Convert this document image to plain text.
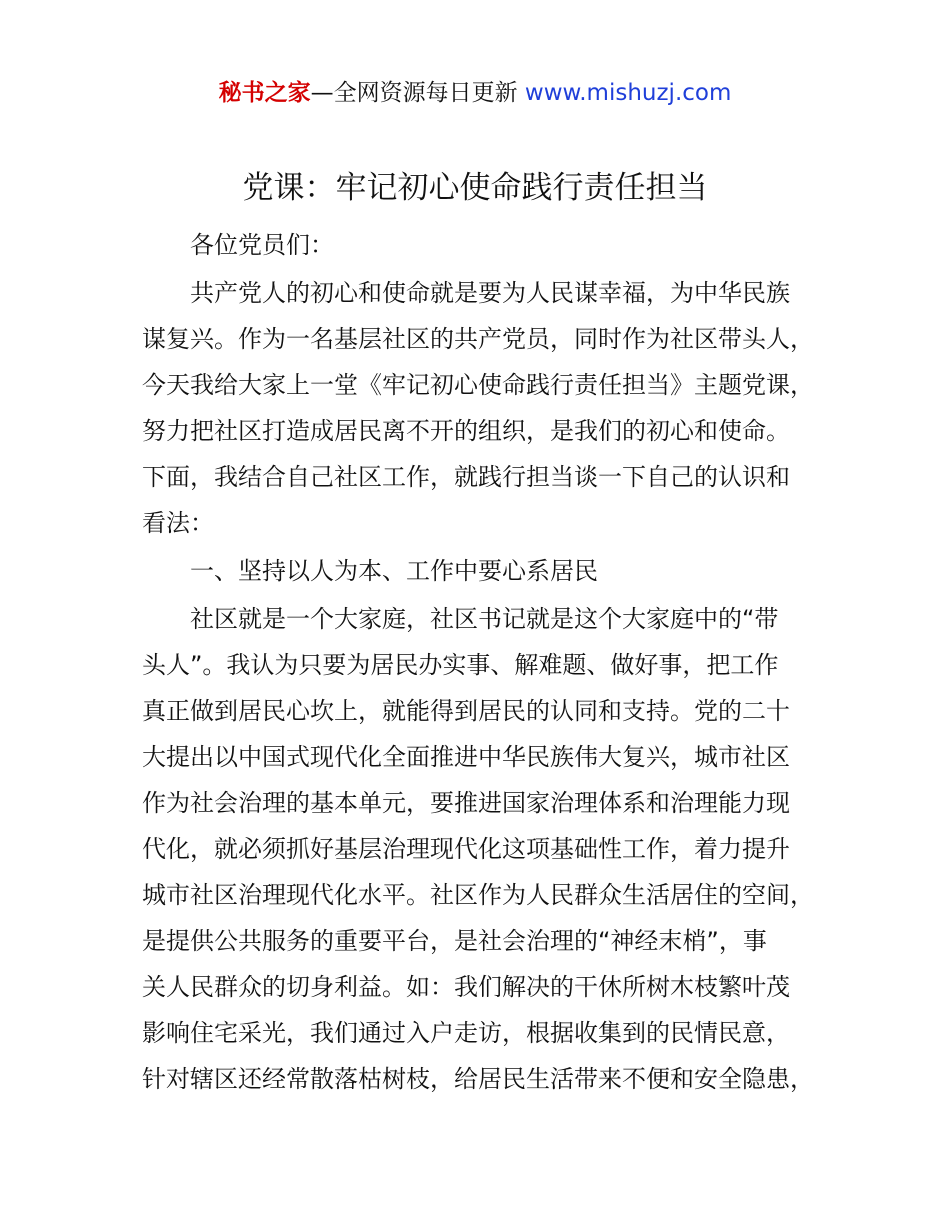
秘书之家—全网资源每日更新 www.mishuzj.com
党课：牢记初心使命践行责任担当
各位党员们：
共产党人的初心和使命就是要为人民谋幸福，为中华民族
谋复兴。作为一名基层社区的共产党员，同时作为社区带头人，
今天我给大家上一堂《牢记初心使命践行责任担当》主题党课，
努力把社区打造成居民离不开的组织，是我们的初心和使命。
下面，我结合自己社区工作，就践行担当谈一下自己的认识和
看法：
一、坚持以人为本、工作中要心系居民
社区就是一个大家庭，社区书记就是这个大家庭中的“带
头人”。我认为只要为居民办实事、解难题、做好事，把工作
真正做到居民心坎上，就能得到居民的认同和支持。党的二十
大提出以中国式现代化全面推进中华民族伟大复兴，城市社区
作为社会治理的基本单元，要推进国家治理体系和治理能力现
代化，就必须抓好基层治理现代化这项基础性工作，着力提升
城市社区治理现代化水平。社区作为人民群众生活居住的空间，
是提供公共服务的重要平台，是社会治理的“神经末梢”，事
关人民群众的切身利益。如：我们解决的干休所树木枝繁叶茂
影响住宅采光，我们通过入户走访，根据收集到的民情民意，
针对辖区还经常散落枯树枝，给居民生活带来不便和安全隐患，
